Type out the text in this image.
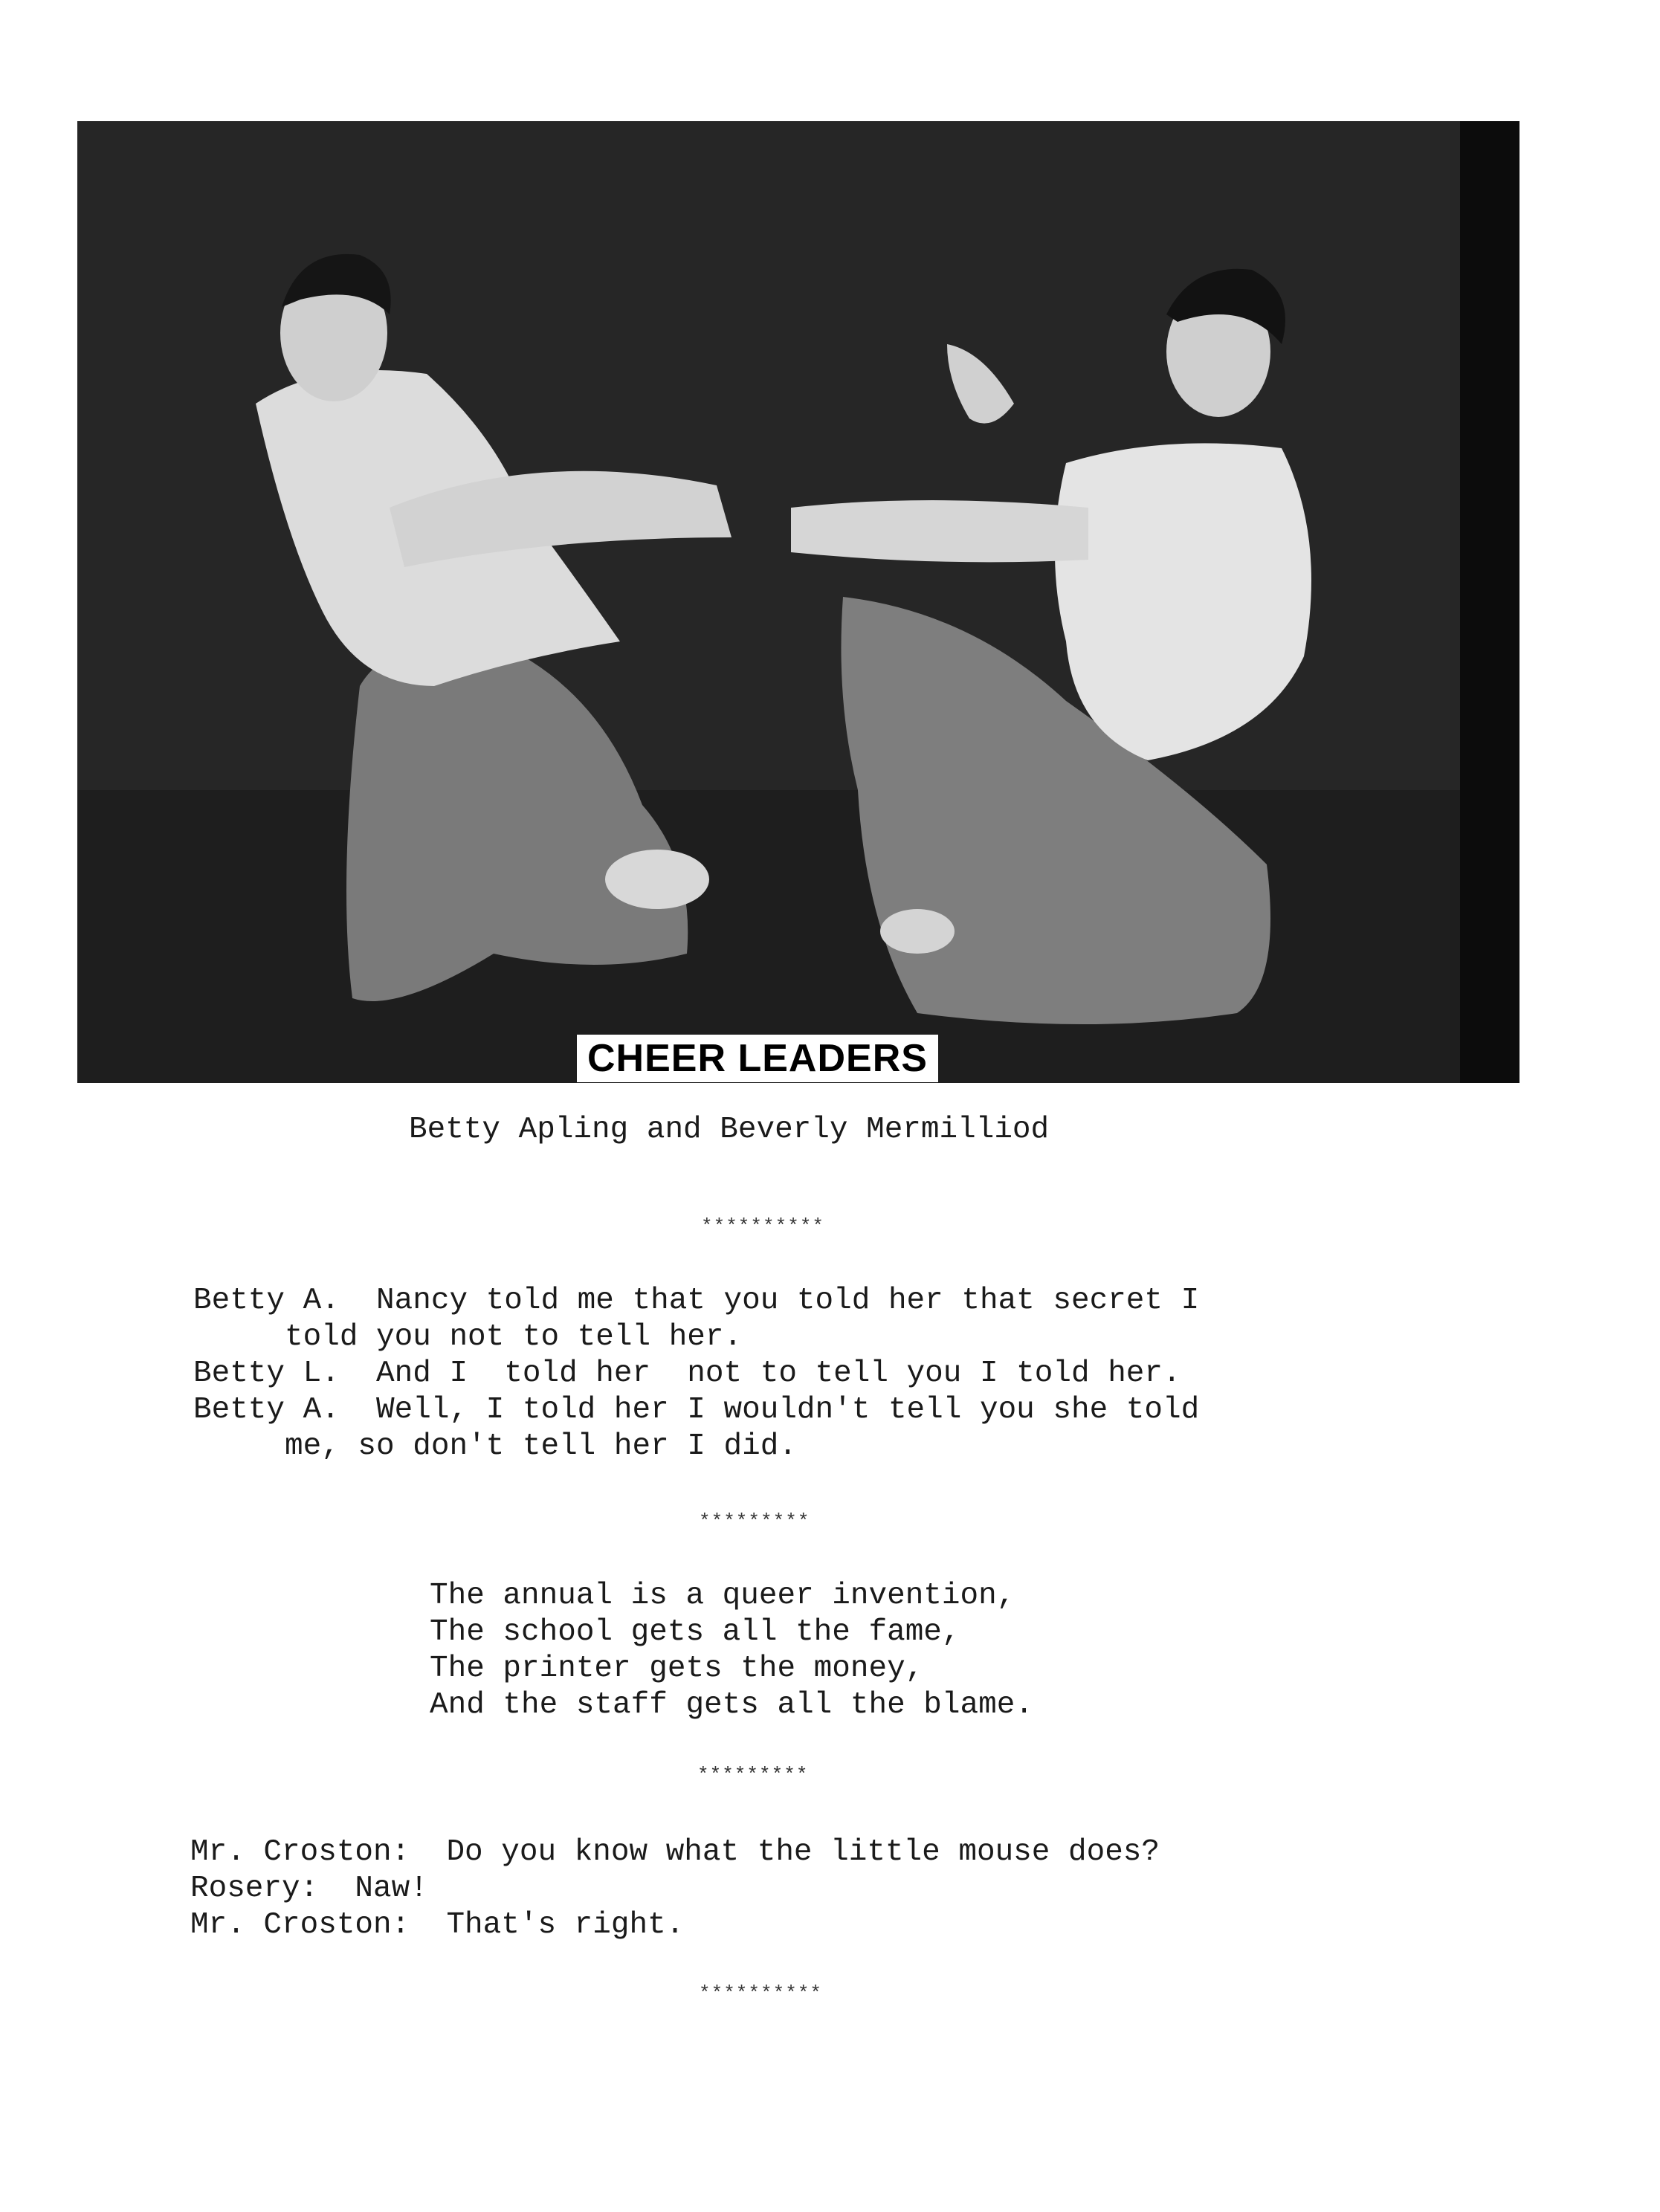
CHEER LEADERS
Betty Apling and Beverly Mermilliod
**********
Betty A.  Nancy told me that you told her that secret I
told you not to tell her.
Betty L.  And I  told her  not to tell you I told her.
Betty A.  Well, I told her I wouldn't tell you she told
me, so don't tell her I did.
*********
The annual is a queer invention,
The school gets all the fame,
The printer gets the money,
And the staff gets all the blame.
*********
Mr. Croston:  Do you know what the little mouse does?
Rosery:  Naw!
Mr. Croston:  That's right.
**********
